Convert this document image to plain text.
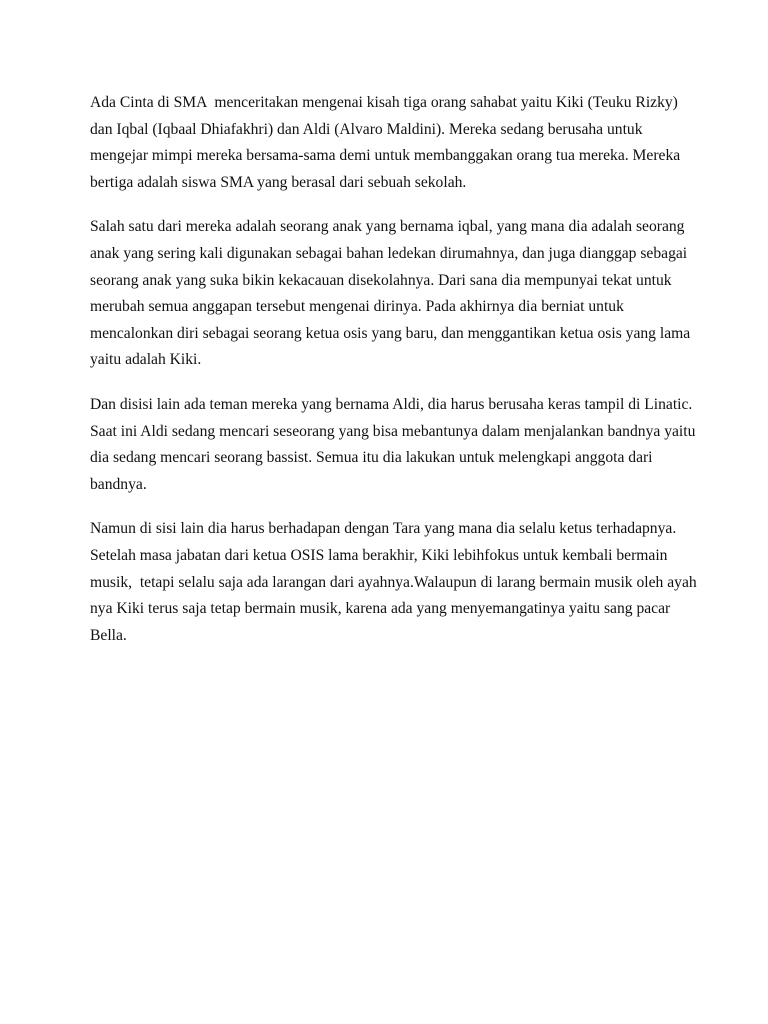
Ada Cinta di SMA  menceritakan mengenai kisah tiga orang sahabat yaitu Kiki (Teuku Rizky)
dan Iqbal (Iqbaal Dhiafakhri) dan Aldi (Alvaro Maldini). Mereka sedang berusaha untuk
mengejar mimpi mereka bersama-sama demi untuk membanggakan orang tua mereka. Mereka
bertiga adalah siswa SMA yang berasal dari sebuah sekolah.

Salah satu dari mereka adalah seorang anak yang bernama iqbal, yang mana dia adalah seorang
anak yang sering kali digunakan sebagai bahan ledekan dirumahnya, dan juga dianggap sebagai
seorang anak yang suka bikin kekacauan disekolahnya. Dari sana dia mempunyai tekat untuk
merubah semua anggapan tersebut mengenai dirinya. Pada akhirnya dia berniat untuk
mencalonkan diri sebagai seorang ketua osis yang baru, dan menggantikan ketua osis yang lama
yaitu adalah Kiki.

Dan disisi lain ada teman mereka yang bernama Aldi, dia harus berusaha keras tampil di Linatic.
Saat ini Aldi sedang mencari seseorang yang bisa mebantunya dalam menjalankan bandnya yaitu
dia sedang mencari seorang bassist. Semua itu dia lakukan untuk melengkapi anggota dari
bandnya.

Namun di sisi lain dia harus berhadapan dengan Tara yang mana dia selalu ketus terhadapnya.
Setelah masa jabatan dari ketua OSIS lama berakhir, Kiki lebihfokus untuk kembali bermain
musik,  tetapi selalu saja ada larangan dari ayahnya.Walaupun di larang bermain musik oleh ayah
nya Kiki terus saja tetap bermain musik, karena ada yang menyemangatinya yaitu sang pacar
Bella.
